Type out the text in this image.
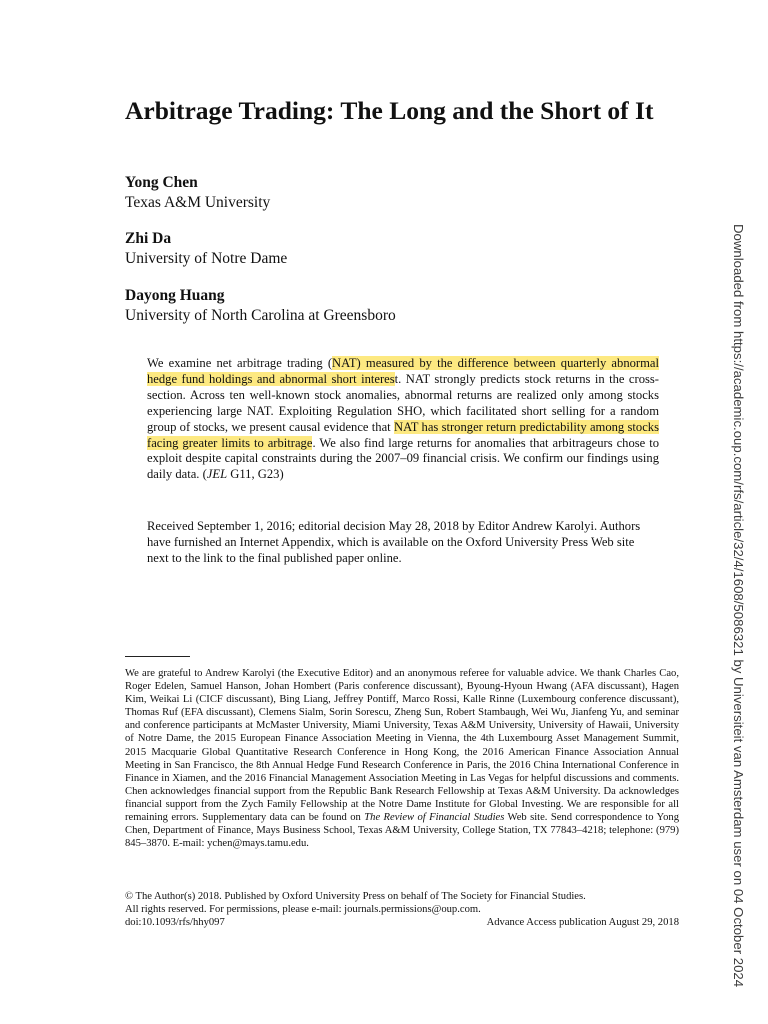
Arbitrage Trading: The Long and the Short of It
Yong Chen
Texas A&M University
Zhi Da
University of Notre Dame
Dayong Huang
University of North Carolina at Greensboro

We examine net arbitrage trading (NAT) measured by the difference between quarterly abnormal hedge fund holdings and abnormal short interest. NAT strongly predicts stock returns in the cross-section. Across ten well-known stock anomalies, abnormal returns are realized only among stocks experiencing large NAT. Exploiting Regulation SHO, which facilitated short selling for a random group of stocks, we present causal evidence that NAT has stronger return predictability among stocks facing greater limits to arbitrage. We also find large returns for anomalies that arbitrageurs chose to exploit despite capital constraints during the 2007–09 financial crisis. We confirm our findings using daily data. (JEL G11, G23)

Received September 1, 2016; editorial decision May 28, 2018 by Editor Andrew Karolyi. Authors have furnished an Internet Appendix, which is available on the Oxford University Press Web site next to the link to the final published paper online.

We are grateful to Andrew Karolyi (the Executive Editor) and an anonymous referee for valuable advice. We thank Charles Cao, Roger Edelen, Samuel Hanson, Johan Hombert (Paris conference discussant), Byoung-Hyoun Hwang (AFA discussant), Hagen Kim, Weikai Li (CICF discussant), Bing Liang, Jeffrey Pontiff, Marco Rossi, Kalle Rinne (Luxembourg conference discussant), Thomas Ruf (EFA discussant), Clemens Sialm, Sorin Sorescu, Zheng Sun, Robert Stambaugh, Wei Wu, Jianfeng Yu, and seminar and conference participants at McMaster University, Miami University, Texas A&M University, University of Hawaii, University of Notre Dame, the 2015 European Finance Association Meeting in Vienna, the 4th Luxembourg Asset Management Summit, 2015 Macquarie Global Quantitative Research Conference in Hong Kong, the 2016 American Finance Association Annual Meeting in San Francisco, the 8th Annual Hedge Fund Research Conference in Paris, the 2016 China International Conference in Finance in Xiamen, and the 2016 Financial Management Association Meeting in Las Vegas for helpful discussions and comments. Chen acknowledges financial support from the Republic Bank Research Fellowship at Texas A&M University. Da acknowledges financial support from the Zych Family Fellowship at the Notre Dame Institute for Global Investing. We are responsible for all remaining errors. Supplementary data can be found on The Review of Financial Studies Web site. Send correspondence to Yong Chen, Department of Finance, Mays Business School, Texas A&M University, College Station, TX 77843–4218; telephone: (979) 845–3870. E-mail: ychen@mays.tamu.edu.

© The Author(s) 2018. Published by Oxford University Press on behalf of The Society for Financial Studies.
All rights reserved. For permissions, please e-mail: journals.permissions@oup.com.

doi:10.1093/rfs/hhy097	Advance Access publication August 29, 2018	Downloaded from https://academic.oup.com/rfs/article/32/4/1608/5086321 by Universiteit van Amsterdam user on 04 October 2024
